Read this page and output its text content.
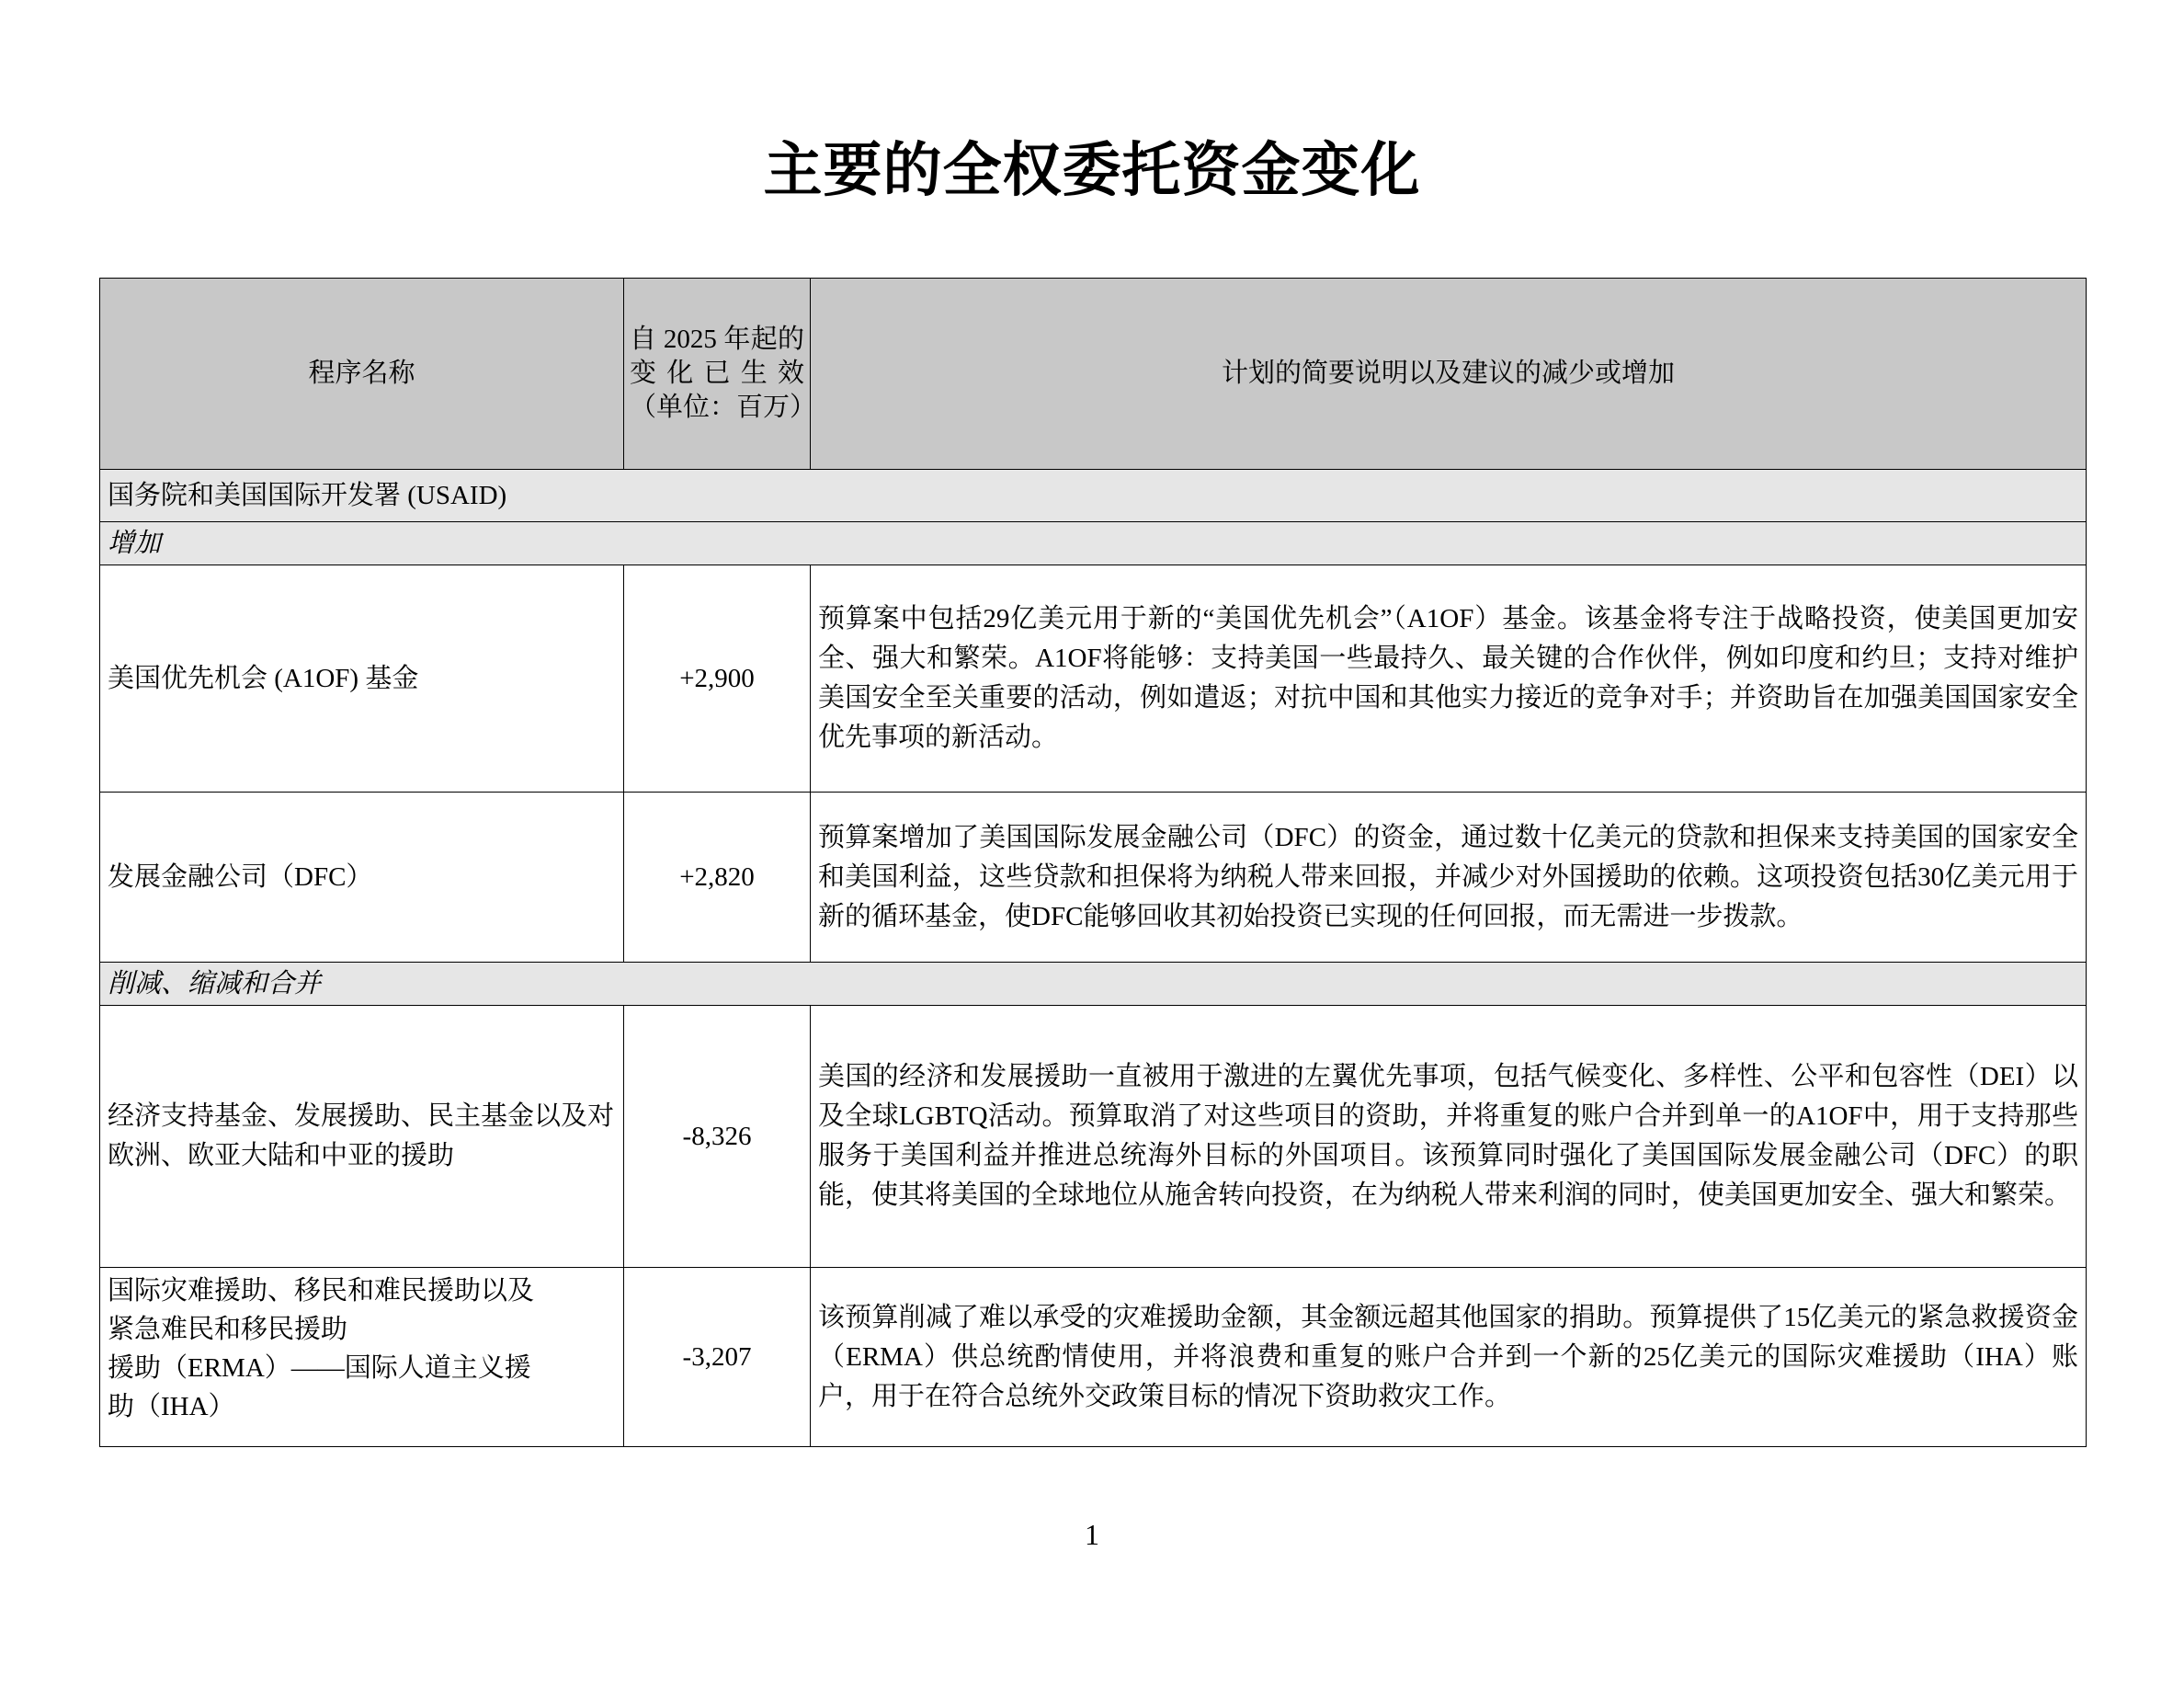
主要的全权委托资金变化
程序名称	自 2025 年起的变化已生效（单位：百万）	计划的简要说明以及建议的减少或增加
国务院和美国国际开发署 (USAID)		
增加		
美国优先机会 (A1OF) 基金	+2,900	预算案中包括29亿美元用于新的“美国优先机会”（A1OF）基金。该基金将专注于战略投资，使美国更加安全、强大和繁荣。A1OF将能够：支持美国一些最持久、最关键的合作伙伴，例如印度和约旦；支持对维护美国安全至关重要的活动，例如遣返；对抗中国和其他实力接近的竞争对手；并资助旨在加强美国国家安全优先事项的新活动。
发展金融公司（DFC）	+2,820	预算案增加了美国国际发展金融公司（DFC）的资金，通过数十亿美元的贷款和担保来支持美国的国家安全和美国利益，这些贷款和担保将为纳税人带来回报，并减少对外国援助的依赖。这项投资包括30亿美元用于新的循环基金，使DFC能够回收其初始投资已实现的任何回报，而无需进一步拨款。
削减、缩减和合并		
经济支持基金、发展援助、民主基金以及对欧洲、欧亚大陆和中亚的援助	-8,326	美国的经济和发展援助一直被用于激进的左翼优先事项，包括气候变化、多样性、公平和包容性（DEI）以及全球LGBTQ活动。预算取消了对这些项目的资助，并将重复的账户合并到单一的A1OF中，用于支持那些服务于美国利益并推进总统海外目标的外国项目。该预算同时强化了美国国际发展金融公司（DFC）的职能，使其将美国的全球地位从施舍转向投资，在为纳税人带来利润的同时，使美国更加安全、强大和繁荣。

国际灾难援助、移民和难民援助以及
紧急难民和移民援助
援助（ERMA）——国际人道主义援
助（IHA）	-3,207	该预算削减了难以承受的灾难援助金额，其金额远超其他国家的捐助。预算提供了15亿美元的紧急救援资金（ERMA）供总统酌情使用，并将浪费和重复的账户合并到一个新的25亿美元的国际灾难援助（IHA）账户，用于在符合总统外交政策目标的情况下资助救灾工作。
1
